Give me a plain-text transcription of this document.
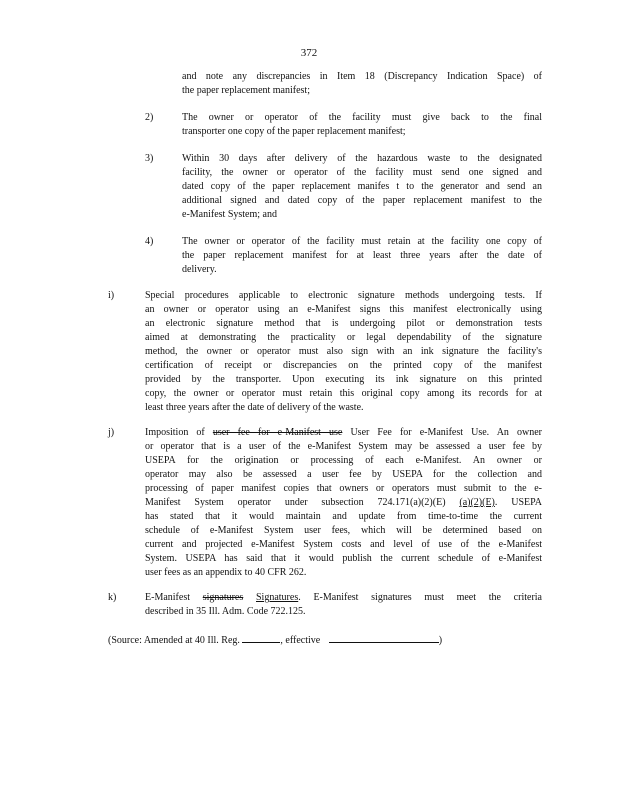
372
and note any discrepancies in Item 18 (Discrepancy Indication Space) of
the paper replacement manifest;
2)	The owner or operator of the facility must give back to the final
transporter one copy of the paper replacement manifest;
3)	Within 30 days after delivery of the hazardous waste to the designated
facility, the owner or operator of the facility must send one signed and
dated copy of the paper replacement manifes t to the generator and send an
additional signed and dated copy of the paper replacement manifest to the
e-Manifest System; and
4)	The owner or operator of the facility must retain at the facility one copy of
the paper replacement manifest for at least three years after the date of
delivery.
i)	Special procedures applicable to electronic signature methods undergoing tests. If
an owner or operator using an e-Manifest signs this manifest electronically using
an electronic signature method that is undergoing pilot or demonstration tests
aimed at demonstrating the practicality or legal dependability of the signature
method, the owner or operator must also sign with an ink signature the facility's
certification of receipt or discrepancies on the printed copy of the manifest
provided by the transporter. Upon executing its ink signature on this printed
copy, the owner or operator must retain this original copy among its records for at
least three years after the date of delivery of the waste.
j)	Imposition of user fee for e-Manifest use User Fee for e-Manifest Use. An owner
or operator that is a user of the e-Manifest System may be assessed a user fee by
USEPA for the origination or processing of each e-Manifest. An owner or
operator may also be assessed a user fee by USEPA for the collection and
processing of paper manifest copies that owners or operators must submit to the e-
Manifest System operator under subsection 724.171(a)(2)(E) (a)(2)(E). USEPA
has stated that it would maintain and update from time-to-time the current
schedule of e-Manifest System user fees, which will be determined based on
current and projected e-Manifest System costs and level of use of the e-Manifest
System. USEPA has said that it would publish the current schedule of e-Manifest
user fees as an appendix to 40 CFR 262.
k)	E-Manifest signatures Signatures. E-Manifest signatures must meet the criteria
described in 35 Ill. Adm. Code 722.125.
(Source: Amended at 40 Ill. Reg.	, effective	)
